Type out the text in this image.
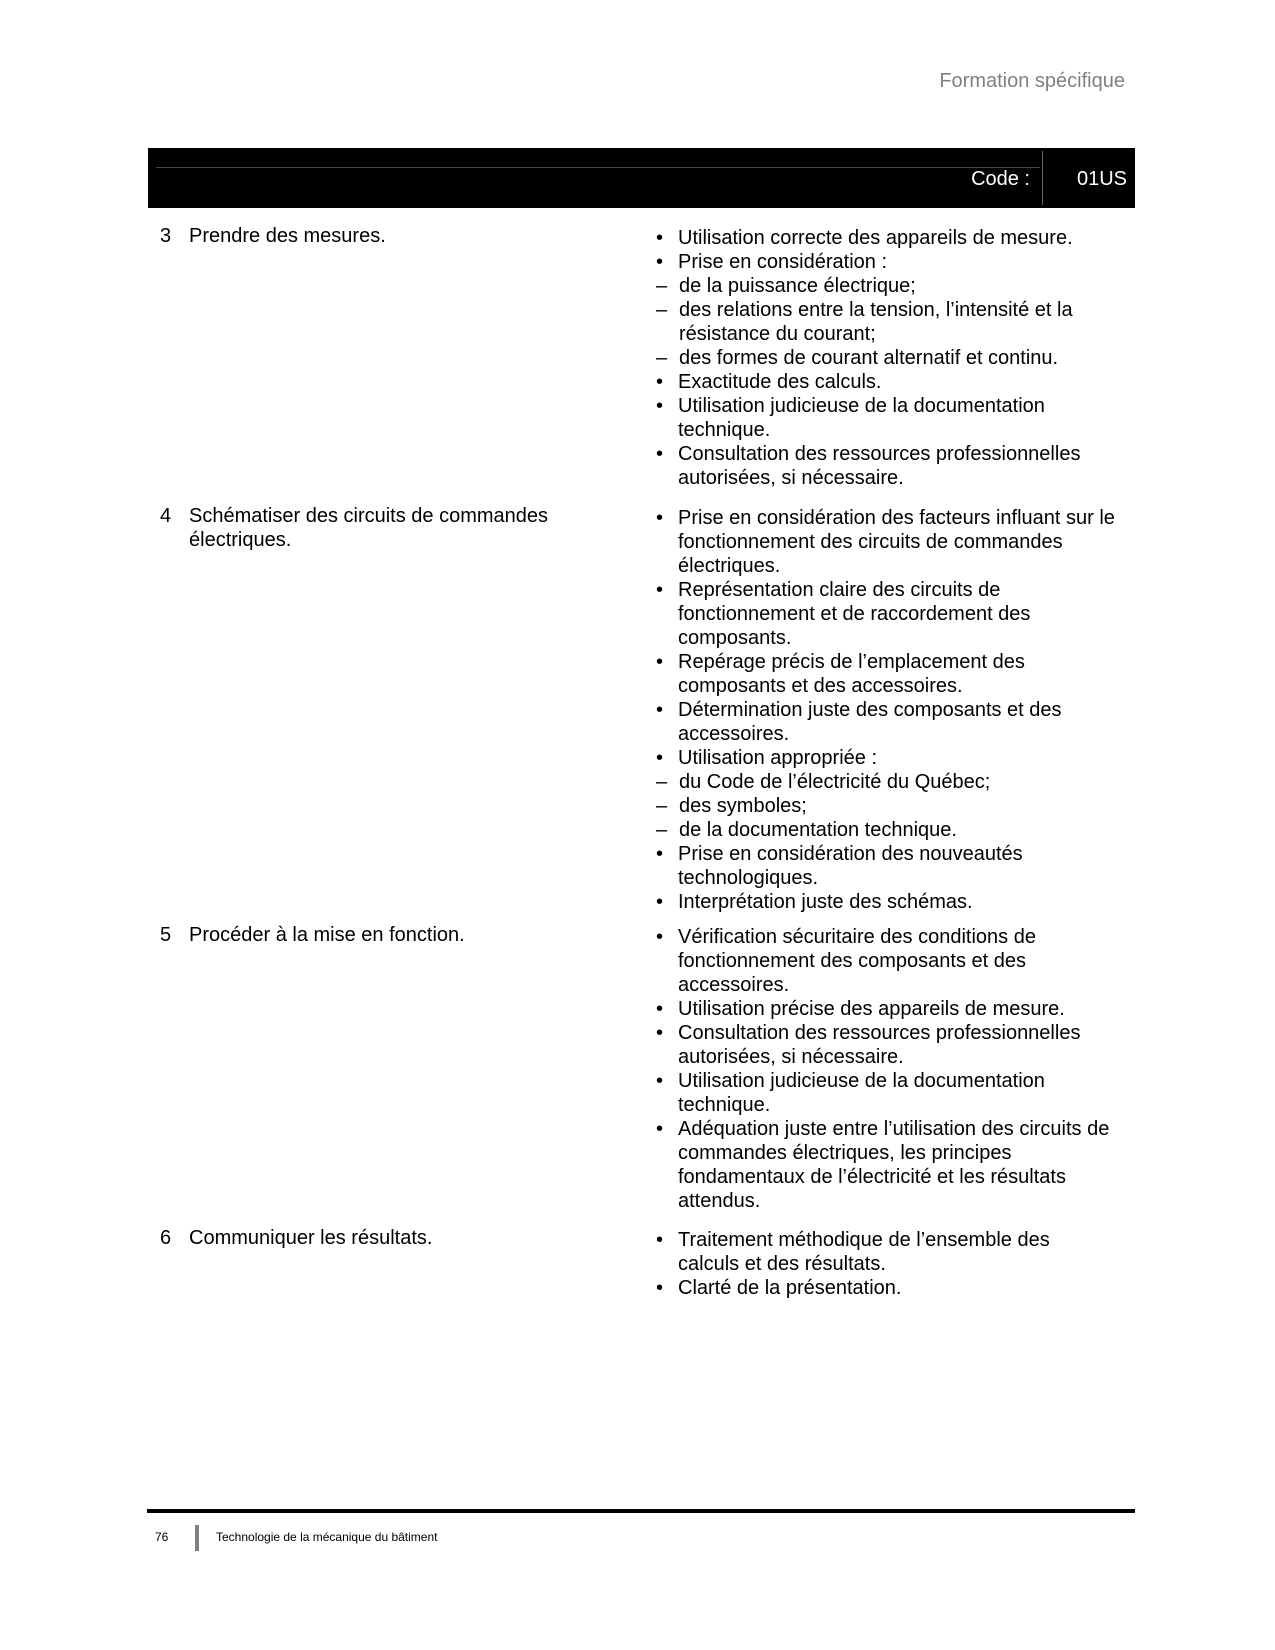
Formation spécifique
Code : 01US
3 Prendre des mesures.	• Utilisation correcte des appareils de mesure.
• Prise en considération :
– de la puissance électrique;
– des relations entre la tension, l’intensité et la résistance du courant;
– des formes de courant alternatif et continu.
• Exactitude des calculs.
• Utilisation judicieuse de la documentation technique.
• Consultation des ressources professionnelles autorisées, si nécessaire.
4 Schématiser des circuits de commandes électriques.
• Prise en considération des facteurs influant sur le fonctionnement des circuits de commandes électriques.
• Représentation claire des circuits de fonctionnement et de raccordement des composants.
• Repérage précis de l’emplacement des composants et des accessoires.
• Détermination juste des composants et des accessoires.
• Utilisation appropriée :
– du Code de l’électricité du Québec;
– des symboles;
– de la documentation technique.
• Prise en considération des nouveautés technologiques.
• Interprétation juste des schémas.
5 Procéder à la mise en fonction.	• Vérification sécuritaire des conditions de fonctionnement des composants et des accessoires.
• Utilisation précise des appareils de mesure.
• Consultation des ressources professionnelles autorisées, si nécessaire.
• Utilisation judicieuse de la documentation technique.
• Adéquation juste entre l’utilisation des circuits de commandes électriques, les principes fondamentaux de l’électricité et les résultats attendus.
6 Communiquer les résultats.	• Traitement méthodique de l’ensemble des calculs et des résultats.
• Clarté de la présentation.
76	Technologie de la mécanique du bâtiment
